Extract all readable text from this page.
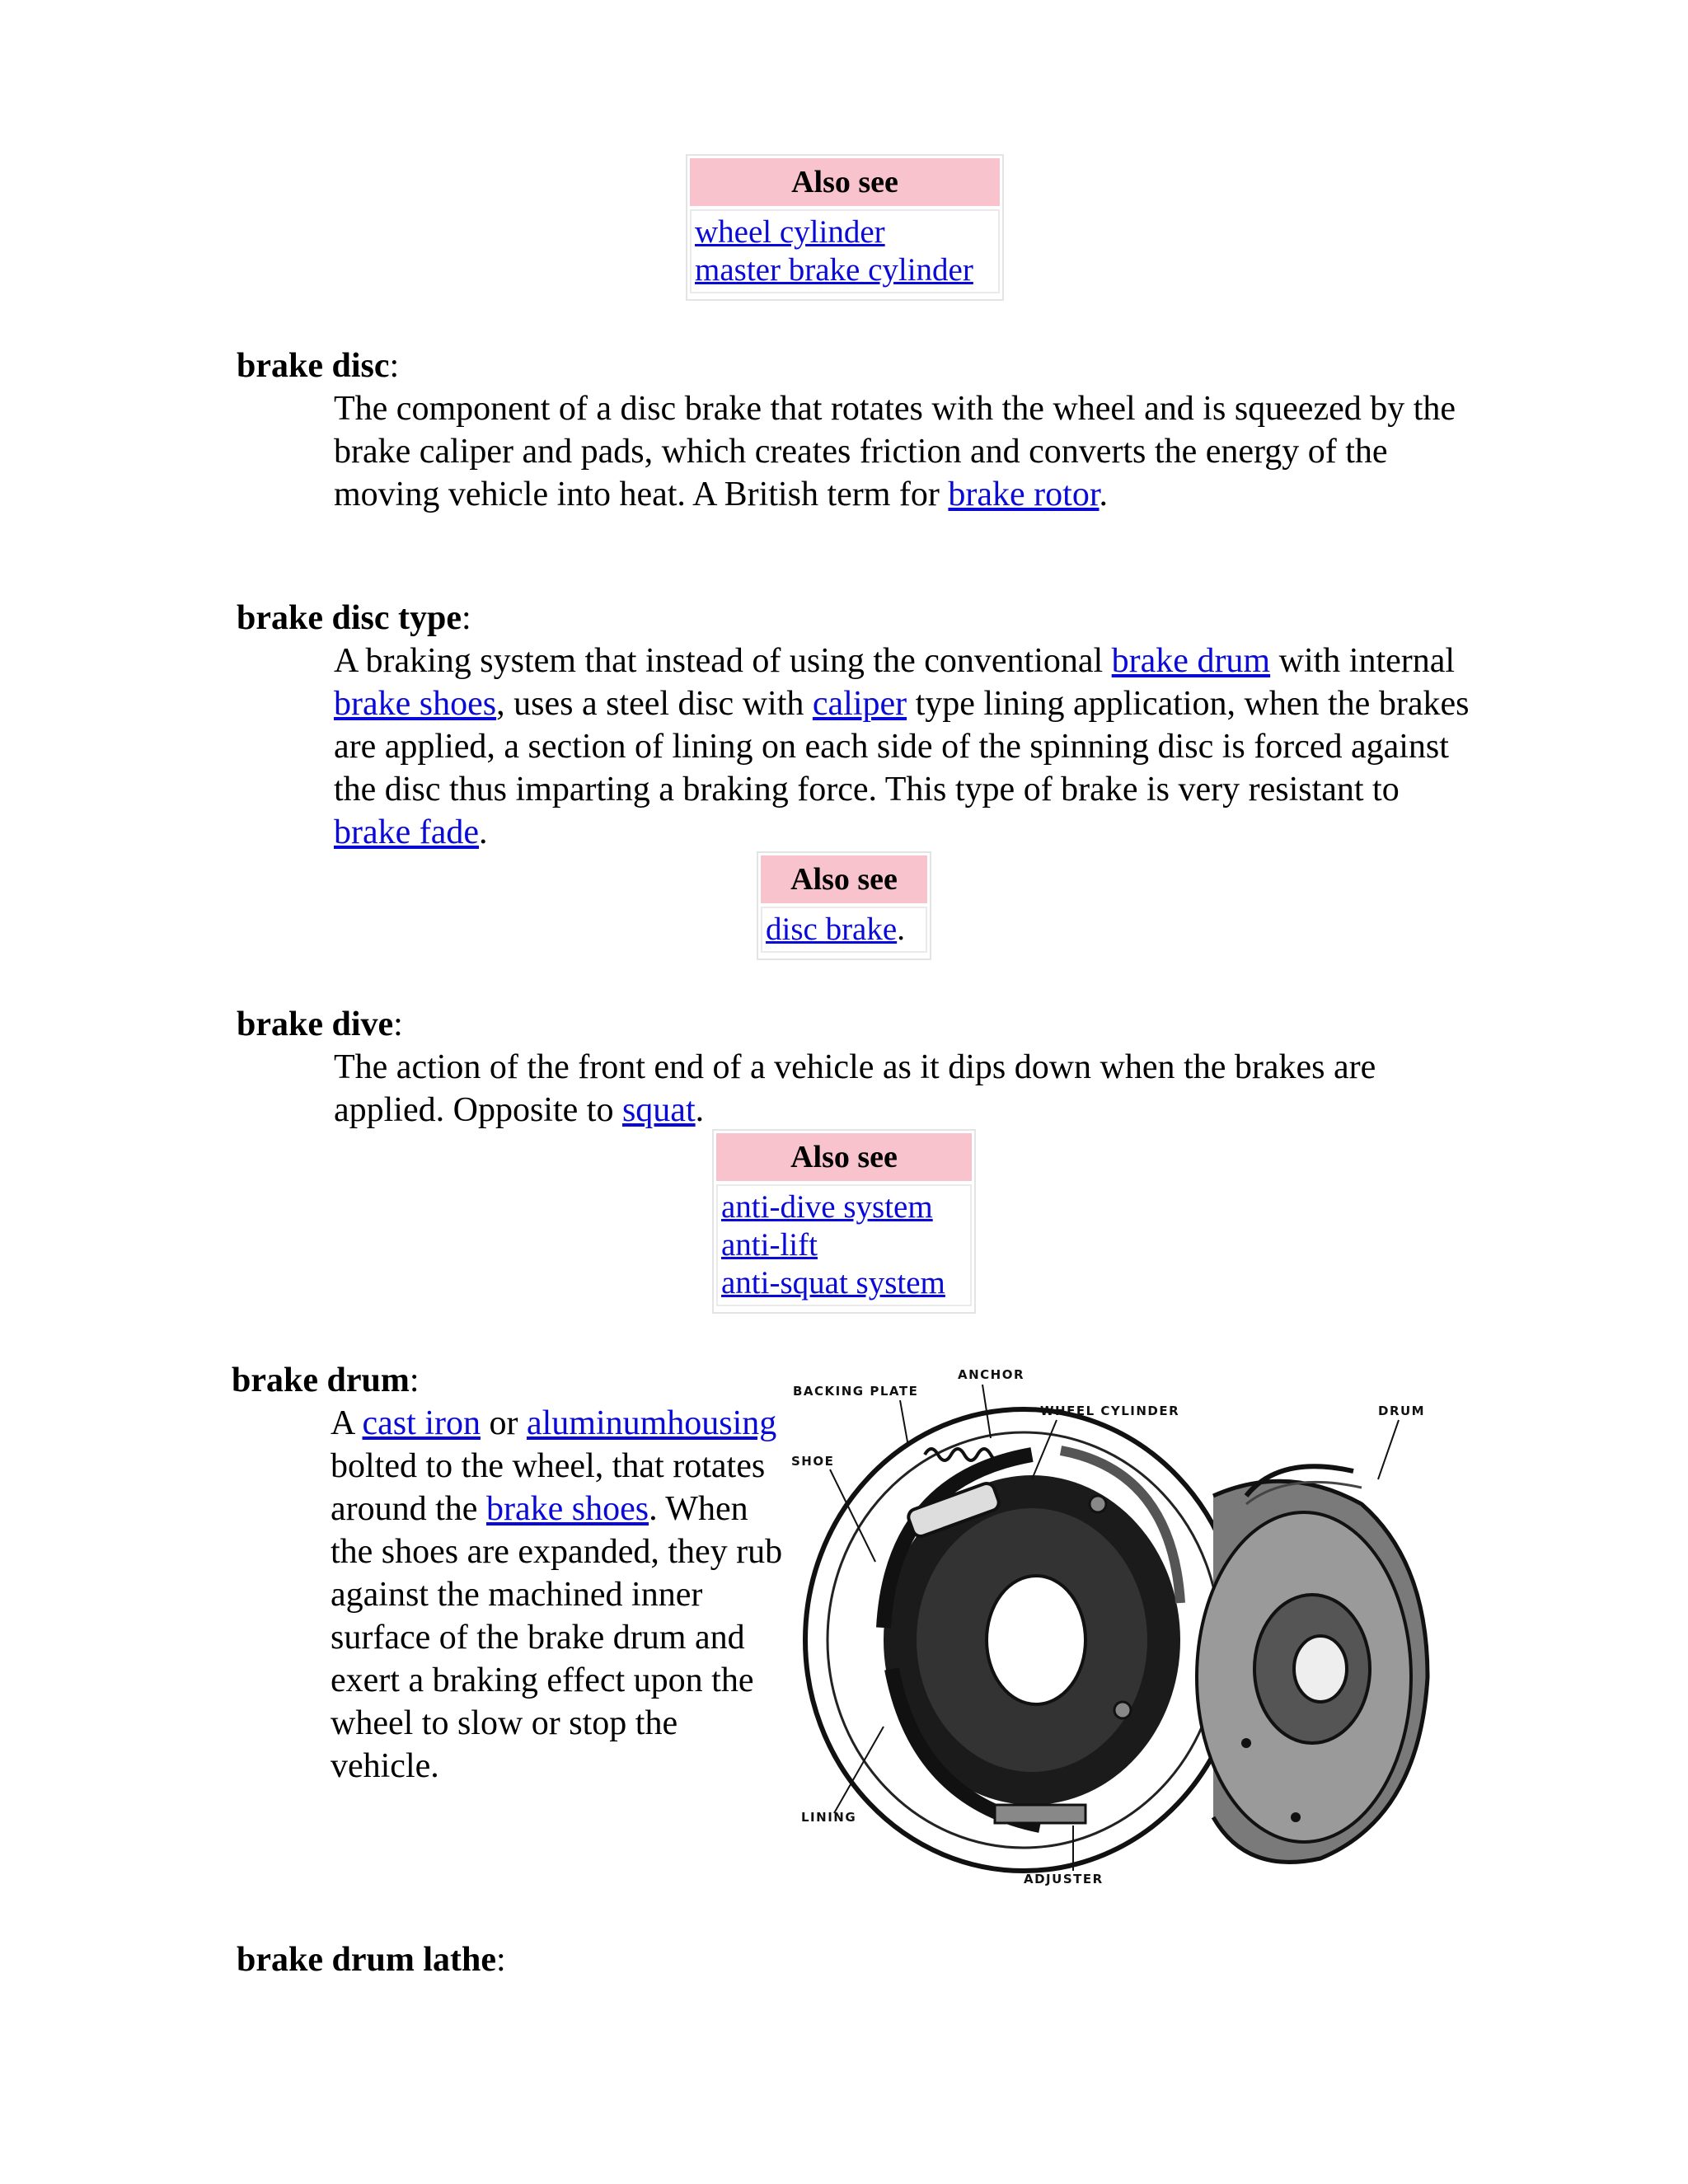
Also see
wheel cylinder
master brake cylinder
brake disc:

The component of a disc brake that rotates with the wheel and is squeezed by the brake caliper and pads, which creates friction and converts the energy of the moving vehicle into heat. A British term for brake rotor.

brake disc type:

A braking system that instead of using the conventional brake drum with internal brake shoes, uses a steel disc with caliper type lining application, when the brakes are applied, a section of lining on each side of the spinning disc is forced against the disc thus imparting a braking force. This type of brake is very resistant to brake fade.

Also see
disc brake.
brake dive:

The action of the front end of a vehicle as it dips down when the brakes are applied. Opposite to squat.

Also see
anti-dive system
anti-lift
anti-squat system
brake drum:

A cast iron or aluminumhousing bolted to the wheel, that rotates around the brake shoes. When the shoes are expanded, they rub against the machined inner surface of the brake drum and exert a braking effect upon the wheel to slow or stop the vehicle.

ANCHOR
BACKING PLATE
WHEEL CYLINDER	DRUM
SHOE
LINING
ADJUSTER
brake drum lathe:
